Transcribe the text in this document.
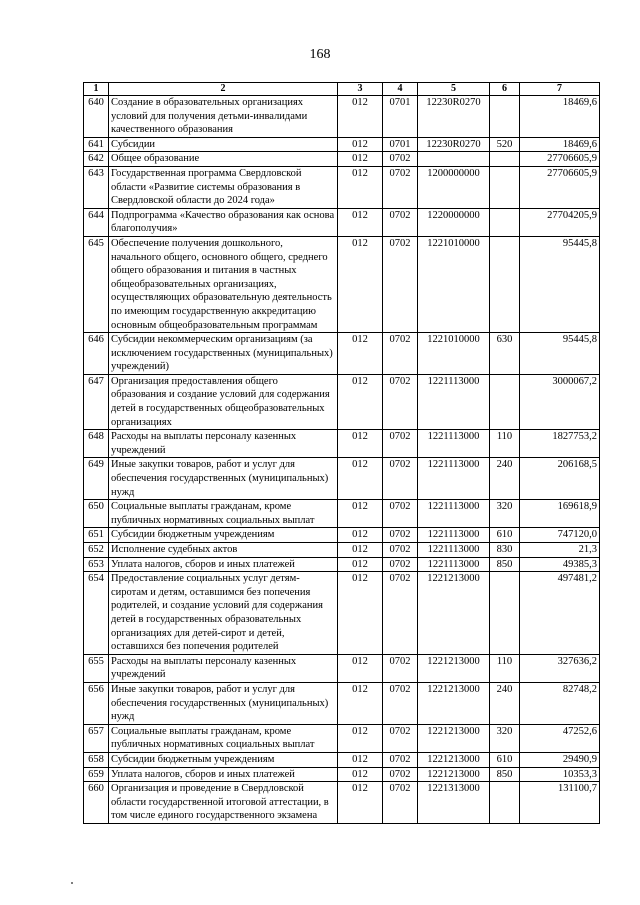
168
1	2	3	4	5	6	7
640	Создание в образовательных организациях условий для получения детьми-инвалидами качественного образования	012	0701	12230R0270		18469,6
641	Субсидии	012	0701	12230R0270	520	18469,6
642	Общее образование	012	0702			27706605,9
643	Государственная программа Свердловской области «Развитие системы образования в Свердловской области до 2024 года»	012	0702	1200000000		27706605,9
644	Подпрограмма «Качество образования как основа благополучия»	012	0702	1220000000		27704205,9
645	Обеспечение получения дошкольного, начального общего, основного общего, среднего общего образования и питания в частных общеобразовательных организациях, осуществляющих образовательную деятельность по имеющим государственную аккредитацию основным общеобразовательным программам	012	0702	1221010000		95445,8
646	Субсидии некоммерческим организациям (за исключением государственных (муниципальных) учреждений)	012	0702	1221010000	630	95445,8
647	Организация предоставления общего образования и создание условий для содержания детей в государственных общеобразовательных организациях	012	0702	1221113000		3000067,2
648	Расходы на выплаты персоналу казенных учреждений	012	0702	1221113000	110	1827753,2
649	Иные закупки товаров, работ и услуг для обеспечения государственных (муниципальных) нужд	012	0702	1221113000	240	206168,5
650	Социальные выплаты гражданам, кроме публичных нормативных социальных выплат	012	0702	1221113000	320	169618,9
651	Субсидии бюджетным учреждениям	012	0702	1221113000	610	747120,0
652	Исполнение судебных актов	012	0702	1221113000	830	21,3
653	Уплата налогов, сборов и иных платежей	012	0702	1221113000	850	49385,3
654	Предоставление социальных услуг детям-сиротам и детям, оставшимся без попечения родителей, и создание условий для содержания детей в государственных образовательных организациях для детей-сирот и детей, оставшихся без попечения родителей	012	0702	1221213000		497481,2
655	Расходы на выплаты персоналу казенных учреждений	012	0702	1221213000	110	327636,2
656	Иные закупки товаров, работ и услуг для обеспечения государственных (муниципальных) нужд	012	0702	1221213000	240	82748,2
657	Социальные выплаты гражданам, кроме публичных нормативных социальных выплат	012	0702	1221213000	320	47252,6
658	Субсидии бюджетным учреждениям	012	0702	1221213000	610	29490,9
659	Уплата налогов, сборов и иных платежей	012	0702	1221213000	850	10353,3
660	Организация и проведение в Свердловской области государственной итоговой аттестации, в том числе единого государственного экзамена	012	0702	1221313000		131100,7
